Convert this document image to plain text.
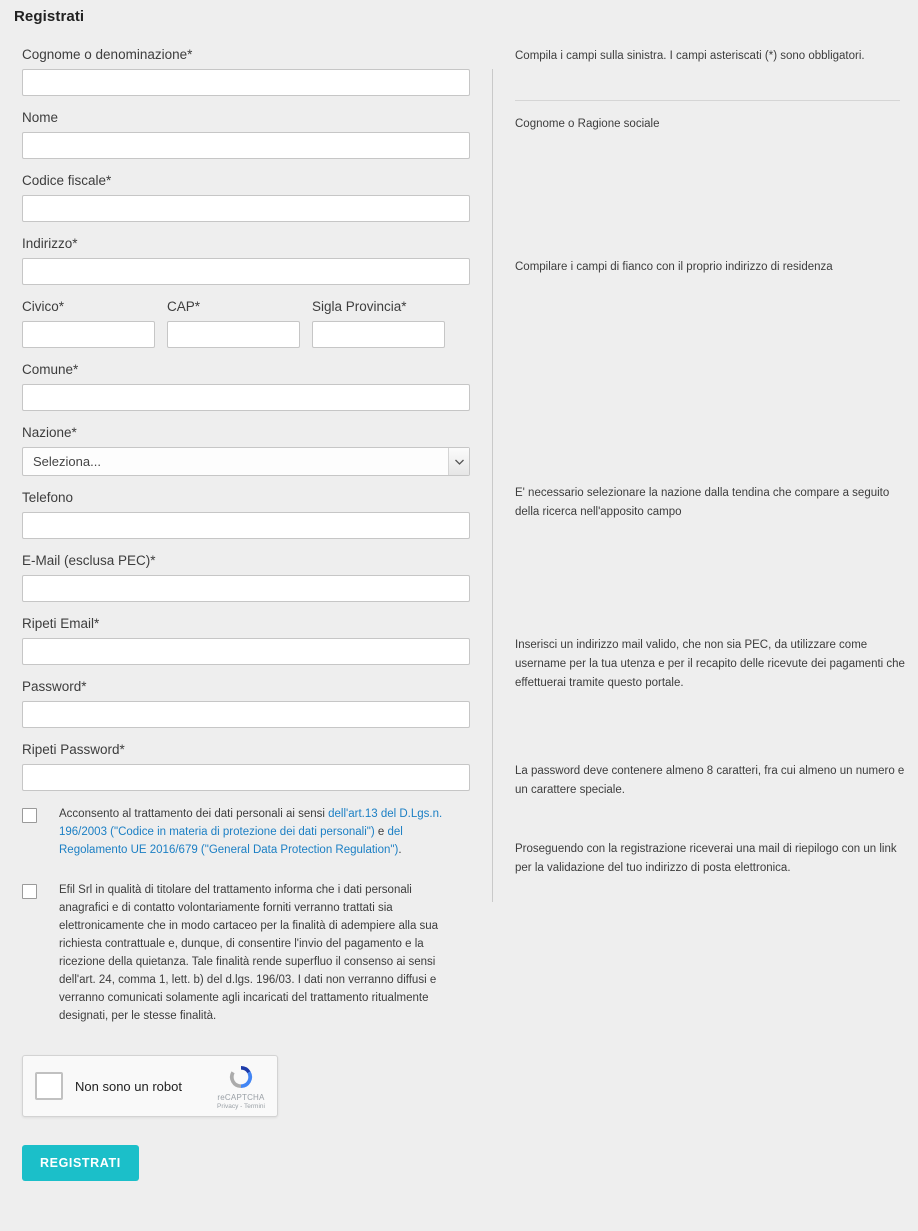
Registrati
Cognome o denominazione*
Nome
Codice fiscale*
Indirizzo*
Civico*	CAP*	Sigla Provincia*
Comune*
Nazione*
Seleziona...
Telefono
E-Mail (esclusa PEC)*
Ripeti Email*
Password*
Ripeti Password*
Acconsento al trattamento dei dati personali ai sensi dell'art.13 del D.Lgs.n. 196/2003 ("Codice in materia di protezione dei dati personali") e del Regolamento UE 2016/679 ("General Data Protection Regulation").
Efil Srl in qualità di titolare del trattamento informa che i dati personali anagrafici e di contatto volontariamente forniti verranno trattati sia elettronicamente che in modo cartaceo per la finalità di adempiere alla sua richiesta contrattuale e, dunque, di consentire l'invio del pagamento e la ricezione della quietanza. Tale finalità rende superfluo il consenso ai sensi dell'art. 24, comma 1, lett. b) del d.lgs. 196/03. I dati non verranno diffusi e verranno comunicati solamente agli incaricati del trattamento ritualmente designati, per le stesse finalità.
Non sono un robot
reCAPTCHA
Privacy - Termini
REGISTRATI
Compila i campi sulla sinistra. I campi asteriscati (*) sono obbligatori.
Cognome o Ragione sociale
Compilare i campi di fianco con il proprio indirizzo di residenza
E' necessario selezionare la nazione dalla tendina che compare a seguito della ricerca nell'apposito campo
Inserisci un indirizzo mail valido, che non sia PEC, da utilizzare come username per la tua utenza e per il recapito delle ricevute dei pagamenti che effettuerai tramite questo portale.
La password deve contenere almeno 8 caratteri, fra cui almeno un numero e un carattere speciale.
Proseguendo con la registrazione riceverai una mail di riepilogo con un link per la validazione del tuo indirizzo di posta elettronica.
